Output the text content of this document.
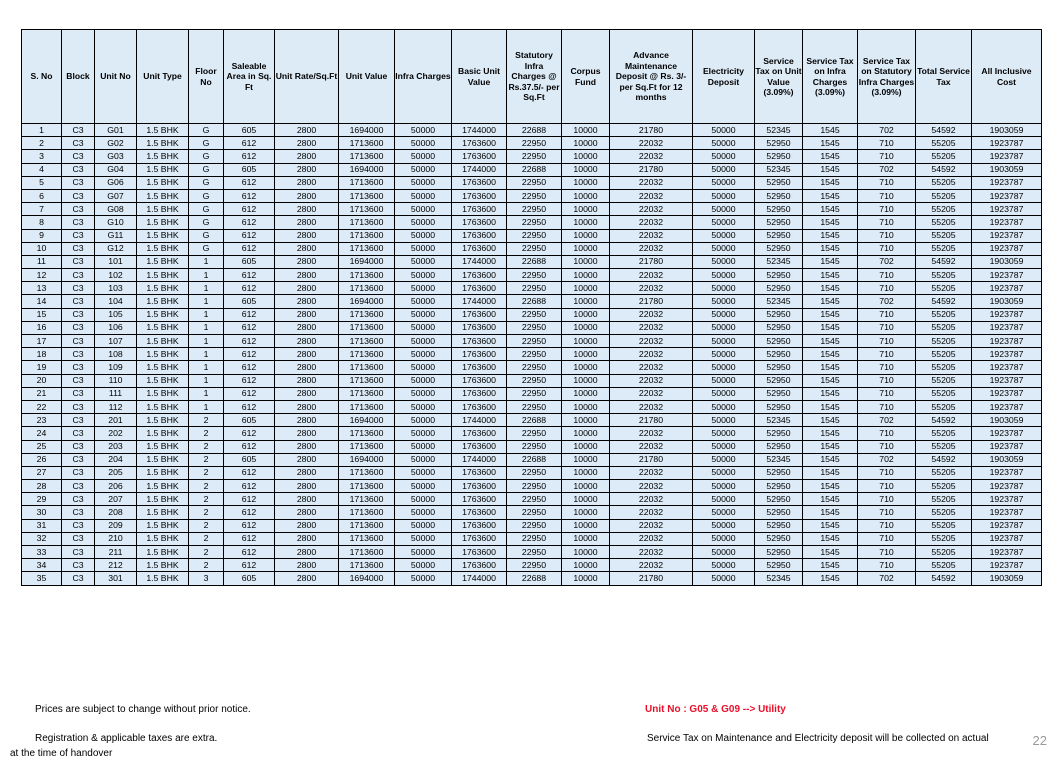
S. No	Block	Unit No	Unit Type	Floor No	Saleable Area in Sq. Ft	Unit Rate/Sq.Ft	Unit Value	Infra Charges	Basic Unit Value	Statutory Infra Charges @ Rs.37.5/- per Sq.Ft	Corpus Fund	Advance Maintenance Deposit @ Rs. 3/- per Sq.Ft for 12 months	Electricity Deposit	Service Tax on Unit Value (3.09%)	Service Tax on Infra Charges (3.09%)	Service Tax on Statutory Infra Charges (3.09%)	Total Service Tax	All Inclusive Cost
1	C3	G01	1.5 BHK	G	605	2800	1694000	50000	1744000	22688	10000	21780	50000	52345	1545	702	54592	1903059
2	C3	G02	1.5 BHK	G	612	2800	1713600	50000	1763600	22950	10000	22032	50000	52950	1545	710	55205	1923787
3	C3	G03	1.5 BHK	G	612	2800	1713600	50000	1763600	22950	10000	22032	50000	52950	1545	710	55205	1923787
4	C3	G04	1.5 BHK	G	605	2800	1694000	50000	1744000	22688	10000	21780	50000	52345	1545	702	54592	1903059
5	C3	G06	1.5 BHK	G	612	2800	1713600	50000	1763600	22950	10000	22032	50000	52950	1545	710	55205	1923787
6	C3	G07	1.5 BHK	G	612	2800	1713600	50000	1763600	22950	10000	22032	50000	52950	1545	710	55205	1923787
7	C3	G08	1.5 BHK	G	612	2800	1713600	50000	1763600	22950	10000	22032	50000	52950	1545	710	55205	1923787
8	C3	G10	1.5 BHK	G	612	2800	1713600	50000	1763600	22950	10000	22032	50000	52950	1545	710	55205	1923787
9	C3	G11	1.5 BHK	G	612	2800	1713600	50000	1763600	22950	10000	22032	50000	52950	1545	710	55205	1923787
10	C3	G12	1.5 BHK	G	612	2800	1713600	50000	1763600	22950	10000	22032	50000	52950	1545	710	55205	1923787
11	C3	101	1.5 BHK	1	605	2800	1694000	50000	1744000	22688	10000	21780	50000	52345	1545	702	54592	1903059
12	C3	102	1.5 BHK	1	612	2800	1713600	50000	1763600	22950	10000	22032	50000	52950	1545	710	55205	1923787
13	C3	103	1.5 BHK	1	612	2800	1713600	50000	1763600	22950	10000	22032	50000	52950	1545	710	55205	1923787
14	C3	104	1.5 BHK	1	605	2800	1694000	50000	1744000	22688	10000	21780	50000	52345	1545	702	54592	1903059
15	C3	105	1.5 BHK	1	612	2800	1713600	50000	1763600	22950	10000	22032	50000	52950	1545	710	55205	1923787
16	C3	106	1.5 BHK	1	612	2800	1713600	50000	1763600	22950	10000	22032	50000	52950	1545	710	55205	1923787
17	C3	107	1.5 BHK	1	612	2800	1713600	50000	1763600	22950	10000	22032	50000	52950	1545	710	55205	1923787
18	C3	108	1.5 BHK	1	612	2800	1713600	50000	1763600	22950	10000	22032	50000	52950	1545	710	55205	1923787
19	C3	109	1.5 BHK	1	612	2800	1713600	50000	1763600	22950	10000	22032	50000	52950	1545	710	55205	1923787
20	C3	110	1.5 BHK	1	612	2800	1713600	50000	1763600	22950	10000	22032	50000	52950	1545	710	55205	1923787
21	C3	111	1.5 BHK	1	612	2800	1713600	50000	1763600	22950	10000	22032	50000	52950	1545	710	55205	1923787
22	C3	112	1.5 BHK	1	612	2800	1713600	50000	1763600	22950	10000	22032	50000	52950	1545	710	55205	1923787
23	C3	201	1.5 BHK	2	605	2800	1694000	50000	1744000	22688	10000	21780	50000	52345	1545	702	54592	1903059
24	C3	202	1.5 BHK	2	612	2800	1713600	50000	1763600	22950	10000	22032	50000	52950	1545	710	55205	1923787
25	C3	203	1.5 BHK	2	612	2800	1713600	50000	1763600	22950	10000	22032	50000	52950	1545	710	55205	1923787
26	C3	204	1.5 BHK	2	605	2800	1694000	50000	1744000	22688	10000	21780	50000	52345	1545	702	54592	1903059
27	C3	205	1.5 BHK	2	612	2800	1713600	50000	1763600	22950	10000	22032	50000	52950	1545	710	55205	1923787
28	C3	206	1.5 BHK	2	612	2800	1713600	50000	1763600	22950	10000	22032	50000	52950	1545	710	55205	1923787
29	C3	207	1.5 BHK	2	612	2800	1713600	50000	1763600	22950	10000	22032	50000	52950	1545	710	55205	1923787
30	C3	208	1.5 BHK	2	612	2800	1713600	50000	1763600	22950	10000	22032	50000	52950	1545	710	55205	1923787
31	C3	209	1.5 BHK	2	612	2800	1713600	50000	1763600	22950	10000	22032	50000	52950	1545	710	55205	1923787
32	C3	210	1.5 BHK	2	612	2800	1713600	50000	1763600	22950	10000	22032	50000	52950	1545	710	55205	1923787
33	C3	211	1.5 BHK	2	612	2800	1713600	50000	1763600	22950	10000	22032	50000	52950	1545	710	55205	1923787
34	C3	212	1.5 BHK	2	612	2800	1713600	50000	1763600	22950	10000	22032	50000	52950	1545	710	55205	1923787
35	C3	301	1.5 BHK	3	605	2800	1694000	50000	1744000	22688	10000	21780	50000	52345	1545	702	54592	1903059
Prices are subject to change without prior notice.	Unit No : G05 & G09 --> Utility
Registration & applicable taxes are extra.
at the time of handover
Service Tax on Maintenance and Electricity deposit will be collected on actual	22
